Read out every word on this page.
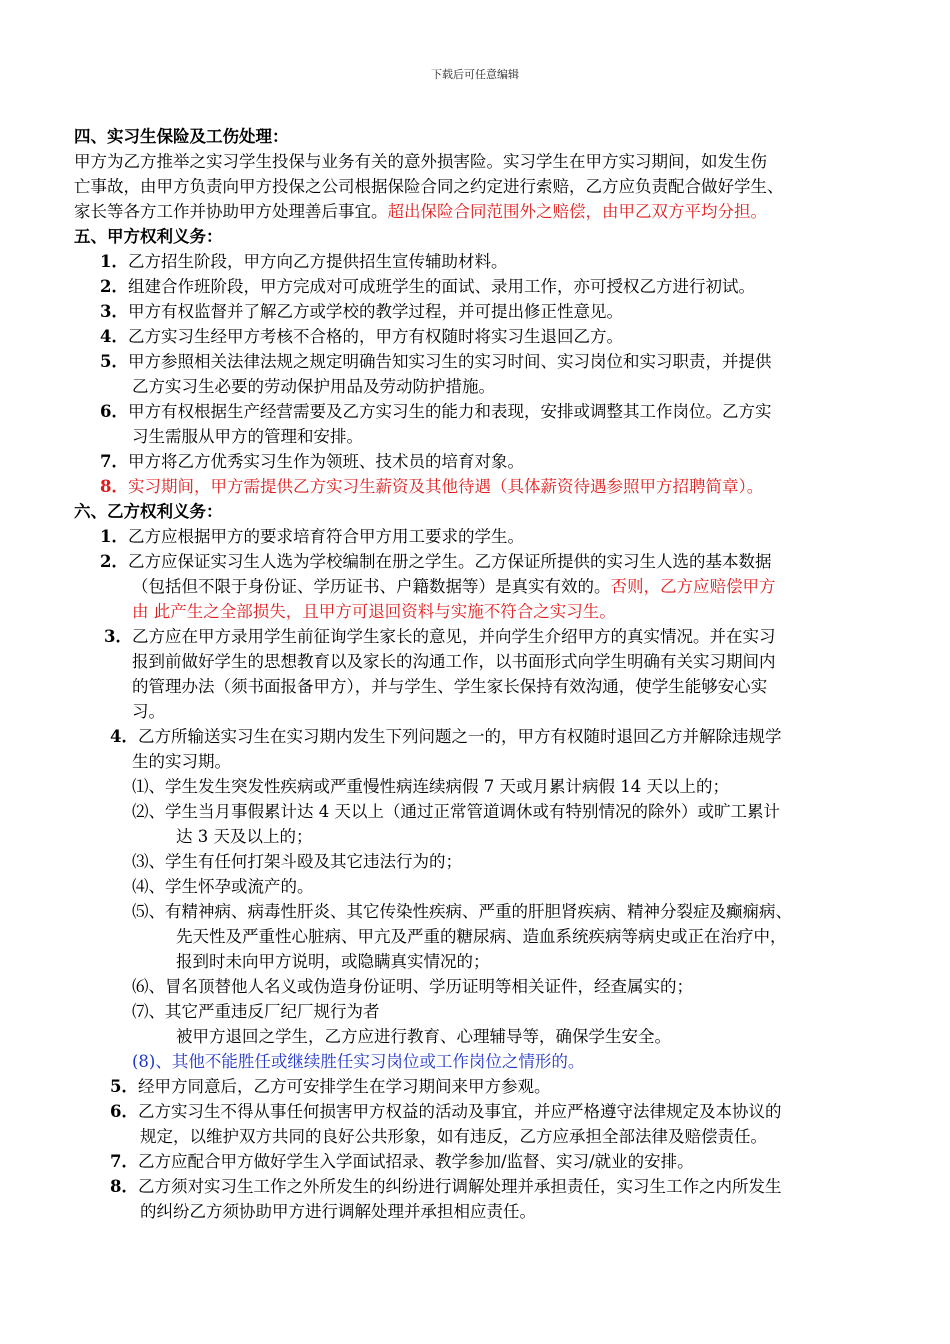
下载后可任意编辑
四、实习生保险及工伤处理：
甲方为乙方推举之实习学生投保与业务有关的意外损害险。实习学生在甲方实习期间，如发生伤
亡事故，由甲方负责向甲方投保之公司根据保险合同之约定进行索赔，乙方应负责配合做好学生、
家长等各方工作并协助甲方处理善后事宜。超出保险合同范围外之赔偿，由甲乙双方平均分担。
五、甲方权利义务：
1．乙方招生阶段，甲方向乙方提供招生宣传辅助材料。
2．组建合作班阶段，甲方完成对可成班学生的面试、录用工作，亦可授权乙方进行初试。
3．甲方有权监督并了解乙方或学校的教学过程，并可提出修正性意见。
4．乙方实习生经甲方考核不合格的，甲方有权随时将实习生退回乙方。
5．甲方参照相关法律法规之规定明确告知实习生的实习时间、实习岗位和实习职责，并提供
乙方实习生必要的劳动保护用品及劳动防护措施。
6．甲方有权根据生产经营需要及乙方实习生的能力和表现，安排或调整其工作岗位。乙方实
习生需服从甲方的管理和安排。
7．甲方将乙方优秀实习生作为领班、技术员的培育对象。
8．实习期间，甲方需提供乙方实习生薪资及其他待遇（具体薪资待遇参照甲方招聘简章）。
六、乙方权利义务：
1．乙方应根据甲方的要求培育符合甲方用工要求的学生。
2．乙方应保证实习生人选为学校编制在册之学生。乙方保证所提供的实习生人选的基本数据
（包括但不限于身份证、学历证书、户籍数据等）是真实有效的。否则，乙方应赔偿甲方
由 此产生之全部损失，且甲方可退回资料与实施不符合之实习生。
3．乙方应在甲方录用学生前征询学生家长的意见，并向学生介绍甲方的真实情况。并在实习
报到前做好学生的思想教育以及家长的沟通工作，以书面形式向学生明确有关实习期间内
的管理办法（须书面报备甲方），并与学生、学生家长保持有效沟通，使学生能够安心实
习。
4．乙方所输送实习生在实习期内发生下列问题之一的，甲方有权随时退回乙方并解除违规学
生的实习期。
⑴、学生发生突发性疾病或严重慢性病连续病假 7 天或月累计病假 14 天以上的；
⑵、学生当月事假累计达 4 天以上（通过正常管道调休或有特别情况的除外）或旷工累计
达 3 天及以上的；
⑶、学生有任何打架斗殴及其它违法行为的；
⑷、学生怀孕或流产的。
⑸、有精神病、病毒性肝炎、其它传染性疾病、严重的肝胆肾疾病、精神分裂症及癫痫病、
先天性及严重性心脏病、甲亢及严重的糖尿病、造血系统疾病等病史或正在治疗中，
报到时未向甲方说明，或隐瞒真实情况的；
⑹、冒名顶替他人名义或伪造身份证明、学历证明等相关证件，经查属实的；
⑺、其它严重违反厂纪厂规行为者
被甲方退回之学生，乙方应进行教育、心理辅导等，确保学生安全。
(8)、其他不能胜任或继续胜任实习岗位或工作岗位之情形的。
5．经甲方同意后，乙方可安排学生在学习期间来甲方参观。
6．乙方实习生不得从事任何损害甲方权益的活动及事宜，并应严格遵守法律规定及本协议的
规定，以维护双方共同的良好公共形象，如有违反，乙方应承担全部法律及赔偿责任。
7．乙方应配合甲方做好学生入学面试招录、教学参加/监督、实习/就业的安排。
8．乙方须对实习生工作之外所发生的纠纷进行调解处理并承担责任，实习生工作之内所发生
的纠纷乙方须协助甲方进行调解处理并承担相应责任。
